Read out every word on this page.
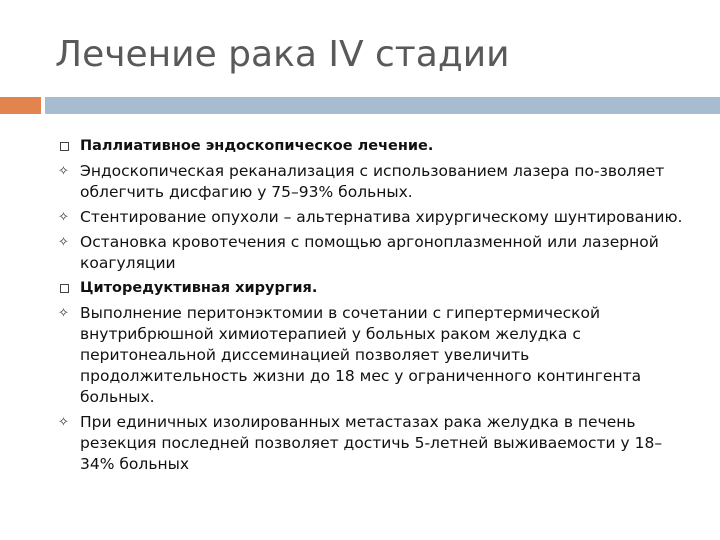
Лечение рака IV стадии
Паллиативное эндоскопическое лечение.
✧ Эндоскопическая реканализация с использованием лазера по-зволяет облегчить дисфагию у 75–93% больных.
✧ Стентирование опухоли – альтернатива хирургическому шунтированию.
✧ Остановка кровотечения с помощью аргоноплазменной или лазерной коагуляции
Циторедуктивная хирургия.
✧ Выполнение перитонэктомии в сочетании с гипертермической внутрибрюшной химиотерапией у больных раком желудка с перитонеальной диссеминацией позволяет увеличить продолжительность жизни до 18 мес у ограниченного контингента больных.
✧ При единичных изолированных метастазах рака желудка в печень резекция последней позволяет достичь 5-летней выживаемости у 18–34% больных
